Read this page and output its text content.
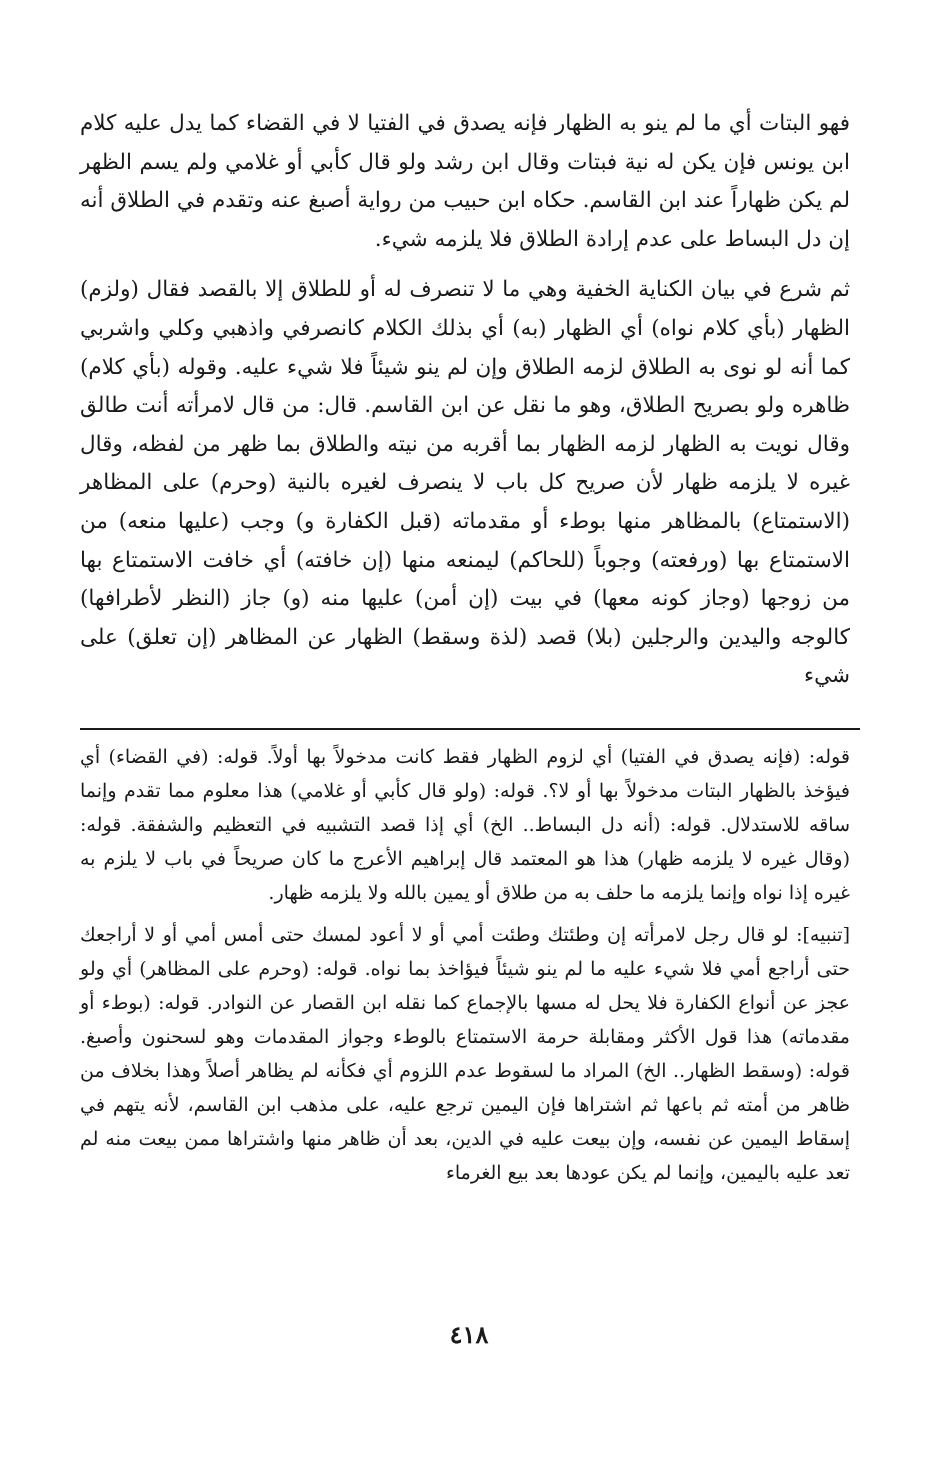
فهو البتات أي ما لم ينو به الظهار فإنه يصدق في الفتيا لا في القضاء كما يدل عليه كلام ابن يونس فإن يكن له نية فبتات وقال ابن رشد ولو قال كأبي أو غلامي ولم يسم الظهر لم يكن ظهاراً عند ابن القاسم. حكاه ابن حبيب من رواية أصبغ عنه وتقدم في الطلاق أنه إن دل البساط على عدم إرادة الطلاق فلا يلزمه شيء.

ثم شرع في بيان الكناية الخفية وهي ما لا تنصرف له أو للطلاق إلا بالقصد فقال (ولزم) الظهار (بأي كلام نواه) أي الظهار (به) أي بذلك الكلام كانصرفي واذهبي وكلي واشربي كما أنه لو نوى به الطلاق لزمه الطلاق وإن لم ينو شيئاً فلا شيء عليه. وقوله (بأي كلام) ظاهره ولو بصريح الطلاق، وهو ما نقل عن ابن القاسم. قال: من قال لامرأته أنت طالق وقال نويت به الظهار لزمه الظهار بما أقربه من نيته والطلاق بما ظهر من لفظه، وقال غيره لا يلزمه ظهار لأن صريح كل باب لا ينصرف لغيره بالنية (وحرم) على المظاهر (الاستمتاع) بالمظاهر منها بوطء أو مقدماته (قبل الكفارة و) وجب (عليها منعه) من الاستمتاع بها (ورفعته) وجوباً (للحاكم) ليمنعه منها (إن خافته) أي خافت الاستمتاع بها من زوجها (وجاز كونه معها) في بيت (إن أمن) عليها منه (و) جاز (النظر لأطرافها) كالوجه واليدين والرجلين (بلا) قصد (لذة وسقط) الظهار عن المظاهر (إن تعلق) على شيء

قوله: (فإنه يصدق في الفتيا) أي لزوم الظهار فقط كانت مدخولاً بها أولاً. قوله: (في القضاء) أي فيؤخذ بالظهار البتات مدخولاً بها أو لا؟. قوله: (ولو قال كأبي أو غلامي) هذا معلوم مما تقدم وإنما ساقه للاستدلال. قوله: (أنه دل البساط.. الخ) أي إذا قصد التشبيه في التعظيم والشفقة. قوله: (وقال غيره لا يلزمه ظهار) هذا هو المعتمد قال إبراهيم الأعرج ما كان صريحاً في باب لا يلزم به غيره إذا نواه وإنما يلزمه ما حلف به من طلاق أو يمين بالله ولا يلزمه ظهار.

[تنبيه]: لو قال رجل لامرأته إن وطئتك وطئت أمي أو لا أعود لمسك حتى أمس أمي أو لا أراجعك حتى أراجع أمي فلا شيء عليه ما لم ينو شيئاً فيؤاخذ بما نواه. قوله: (وحرم على المظاهر) أي ولو عجز عن أنواع الكفارة فلا يحل له مسها بالإجماع كما نقله ابن القصار عن النوادر. قوله: (بوطء أو مقدماته) هذا قول الأكثر ومقابلة حرمة الاستمتاع بالوطء وجواز المقدمات وهو لسحنون وأصبغ. قوله: (وسقط الظهار.. الخ) المراد ما لسقوط عدم اللزوم أي فكأنه لم يظاهر أصلاً وهذا بخلاف من ظاهر من أمته ثم باعها ثم اشتراها فإن اليمين ترجع عليه، على مذهب ابن القاسم، لأنه يتهم في إسقاط اليمين عن نفسه، وإن بيعت عليه في الدين، بعد أن ظاهر منها واشتراها ممن بيعت منه لم تعد عليه باليمين، وإنما لم يكن عودها بعد بيع الغرماء

٤١٨
